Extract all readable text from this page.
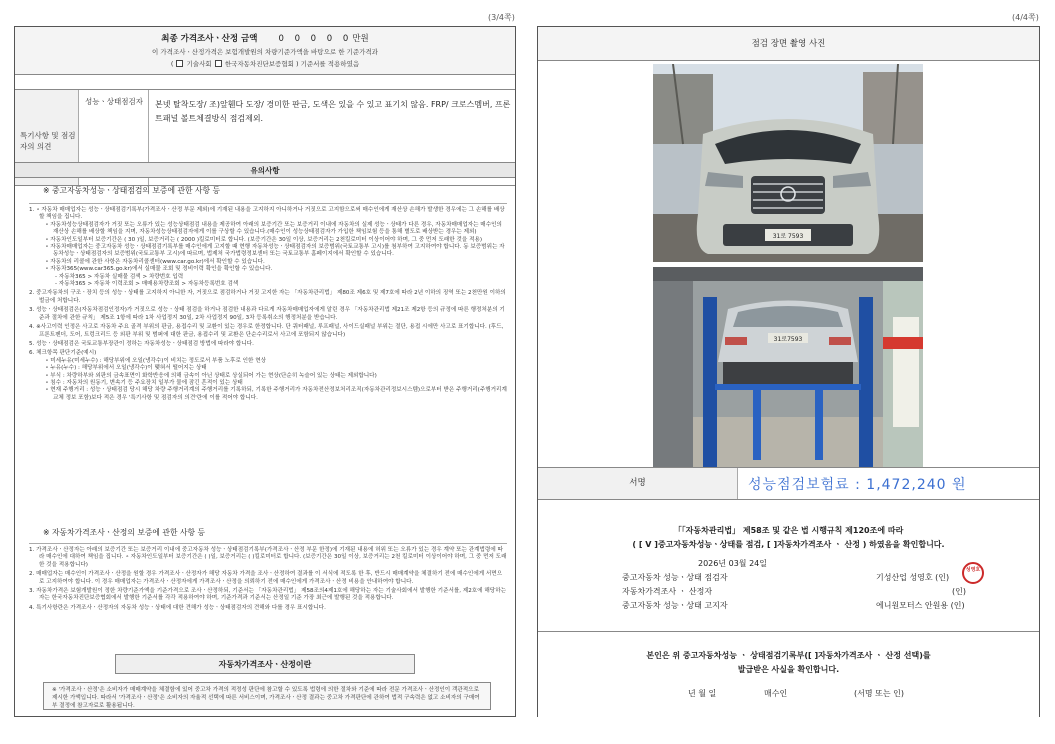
(3/4쪽)	(4/4쪽)
최종 가격조사ㆍ산정 금액 0 0 0 0 0만원
이 가격조사ㆍ산정가격은 보험개발원의 차량기준가액을 바탕으로 한 기준가격과
( 기술사회 한국자동차진단보증협회 ) 기준서를 적용하였음
특기사항 및 점검자의 의견
성능ㆍ상태점검자	본넷 탈착도장/ 조)앞휀다 도장/ 경미한 판금, 도색은 있을 수 있고 표기치 않음. FRP/ 크로스멤버, 프론트패널 볼트체결방식 점검제외.
유의사항
※ 중고자동차성능ㆍ상태점검의 보증에 관한 사항 등
1. ∘ 자동차 매매업자는 성능ㆍ상태점검기록부(가격조사ㆍ산정 부문 제외)에 기재된 내용을 고지하지 아니하거나 거짓으로 고지함으로써 매수인에게 재산상 손해가 발생한 경우에는 그 손해를 배상할 책임을 집니다.
∘ 자동차성능상태점검자가 거짓 또는 오류가 있는 성능상태점검 내용을 제공하여 아래의 보증기간 또는 보증거리 이내에 자동차의 실제 성능ㆍ상태가 다른 경우, 자동차매매업자는 매수인의 재산상 손해를 배상할 책임을 지며, 자동차성능상태점검자에게 이를 구상할 수 있습니다.(매수인이 성능상태점검자가 가입한 책임보험 등을 통해 별도로 배상받는 경우는 제외)
∘ 자동차인도일부터 보증기간은 ( 30 )일, 보증거리는 ( 2000 )킬로미터로 합니다. (보증기간은 30일 이상, 보증거리는 2천킬로미터 이상이어야 하며, 그 중 먼저 도래한 것을 적용)
∘ 자동차매매업자는 중고자동차 성능ㆍ상태점검기록부를 매수인에게 고지할 때 현행 자동차성능ㆍ상태점검자의 보증범위(국토교통부 고시)를 첨부하여 고지하여야 합니다. 동 보증범위는 자동차성능ㆍ상태점검자의 보증범위(국토교통부 고시)에 따르며, 법제처 국가법령정보센터 또는 국토교통부 홈페이지에서 확인할 수 있습니다.
∘ 자동차의 리콜에 관한 사항은 자동차리콜센터(www.car.go.kr)에서 확인할 수 있습니다.
∘ 자동차365(www.car365.go.kr)에서 실매물 조회 및 정비이력 확인을 확인할 수 있습니다.
- 자동차365 > 자동차 실매물 검색 > 차량번호 입력
- 자동차365 > 자동차 이력조회 > 매매용차량조회 > 자동차등록번호 검색
2. 중고자동차의 구조ㆍ장치 등의 성능ㆍ상태를 고지하지 아니한 자, 거짓으로 점검하거나 거짓 고지한 자는 「자동차관리법」 제80조 제6호 및 제7호에 따라 2년 이하의 징역 또는 2천만원 이하의 벌금에 처합니다.
3. 성능ㆍ상태점검은(자동차점검인정자)가 거짓으로 성능ㆍ상태 점검을 하거나 점검한 내용과 다르게 자동차매매업자에게 알린 경우 「자동차관리법 제21조 제2항 등의 규정에 따른 행정처분의 기준과 절차에 관한 규칙」 제5조 1항에 따라 1차 사업정지 30일, 2차 사업정지 90일, 3차 등록취소의 행정처분을 받습니다.
4. ※사고이력 인정은 사고로 자동차 주요 골격 부위의 판금, 용접수리 및 교환이 있는 경우로 한정합니다. 단 쿼터패널, 루프패널, 사이드실패널 부위는 절단, 용접 시에만 사고로 표기합니다. (후드, 프론트펜더, 도어, 트렁크리드 등 외판 부위 및 범퍼에 대한 판금, 용접수리 및 교환은 단순수리로서 사고에 포함되지 않습니다)
5. 성능ㆍ상태점검은 국토교통부장관이 정하는 자동차성능ㆍ상태점검 방법에 따라야 합니다.
6. 체크항목 판단기준(예시)
∘ 미세누유(미세누수) : 해당부위에 오일(냉각수)이 비치는 정도로서 부품 노후로 인한 현상
∘ 누유(누수) : 해당부위에서 오일(냉각수)이 맺혀서 떨어지는 상태
∘ 부식 : 차량하부와 외판의 금속표면이 화학반응에 의해 금속이 아닌 상태로 상실되어 가는 현상(단순히 녹슬어 있는 상태는 제외합니다)
∘ 침수 : 자동차의 원동기, 변속기 등 주요장치 일부가 물에 잠긴 흔적이 있는 상태
∘ 현재 주행거리 : 성능ㆍ상태점검 당시 해당 차량 주행거리계의 주행거리를 기록하되, 기록한 주행거리가 자동차전산정보처리조직(자동차관리정보시스템)으로부터 받은 주행거리(주행거리계 교체 정보 포함)보다 적은 경우 '특기사항 및 점검자의 의견'란에 이를 적어야 합니다.
※ 자동차가격조사ㆍ산정의 보증에 관한 사항 등
1. 가격조사ㆍ산정자는 아래의 보증기간 또는 보증거리 이내에 중고자동차 성능ㆍ상태점검기록부(가격조사ㆍ산정 부문 한정)에 기재된 내용에 허위 또는 오류가 있는 경우 계약 또는 관계법령에 따라 매수인에 대하여 책임을 집니다. ∘ 자동차인도일부터 보증기간은 ( )일, 보증거리는 ( )킬로미터로 합니다. (보증기간은 30일 이상, 보증거리는 2천 킬로미터 이상이어야 하며, 그 중 먼저 도래한 것을 적용합니다)
2. 매매업자는 매수인이 가격조사ㆍ산정을 원할 경우 가격조사ㆍ산정자가 해당 자동차 가격을 조사ㆍ산정하여 결과를 이 서식에 적도록 한 후, 반드시 매매계약을 체결하기 전에 매수인에게 서면으로 고지하여야 합니다. 이 경우 매매업자는 가격조사ㆍ산정자에게 가격조사ㆍ산정을 의뢰하기 전에 매수인에게 가격조사ㆍ산정 비용을 안내하여야 합니다.
3. 자동차가격은 보험개발원이 정한 차량기준가액을 기준가격으로 조사ㆍ산정하되, 기준서는 「자동차관리법」 제58조의4제1호에 해당하는 자는 기술사회에서 발행한 기준서를, 제2호에 해당하는 자는 한국자동차진단보증협회에서 발행한 기준서를 각각 적용하여야 하며, 기준가격과 기준서는 산정일 기준 가장 최근에 발행된 것을 적용합니다.
4. 특기사항란은 가격조사ㆍ산정자의 자동차 성능ㆍ상태에 대한 견해가 성능ㆍ상태점검자의 견해와 다를 경우 표시합니다.
자동차가격조사ㆍ산정이란
※ '가격조사ㆍ산정'은 소비자가 매매계약을 체결함에 있어 중고차 가격의 적정성 판단에 참고할 수 있도록 법령에 의한 절차와 기준에 따라 전문 가격조사ㆍ산정인이 객관적으로 제시한 가액입니다. 따라서 '가격조사ㆍ산정'은 소비자의 자율적 선택에 따른 서비스이며, 가격조사ㆍ산정 결과는 중고차 가격판단에 관하여 법적 구속력은 없고 소비자의 구매여부 결정에 참고자료로 활용됩니다.
점검 장면 촬영 사진
31로 7593
31로7593
서명	성능점검보험료 : 1,472,240 원
「「자동차관리법」 제58조 및 같은 법 시행규칙 제120조에 따라
( [ V ]중고자동차성능ㆍ상태를 점검, [ ]자동차가격조사 ㆍ 산정 ) 하였음을 확인합니다.
2026년 03월 24일
중고자동차 성능ㆍ상태 점검자	기성산업 성영호 (인)
성영호
자동차가격조사 ㆍ 산정자	(인)
중고자동차 성능ㆍ상태 고지자	에니원모터스 안원용 (인)
본인은 위 중고자동차성능 ㆍ 상태점검기록부([ ]자동차가격조사 ㆍ 산정 선택)를
발급받은 사실을 확인합니다.
년 월 일	매수인	(서명 또는 인)
